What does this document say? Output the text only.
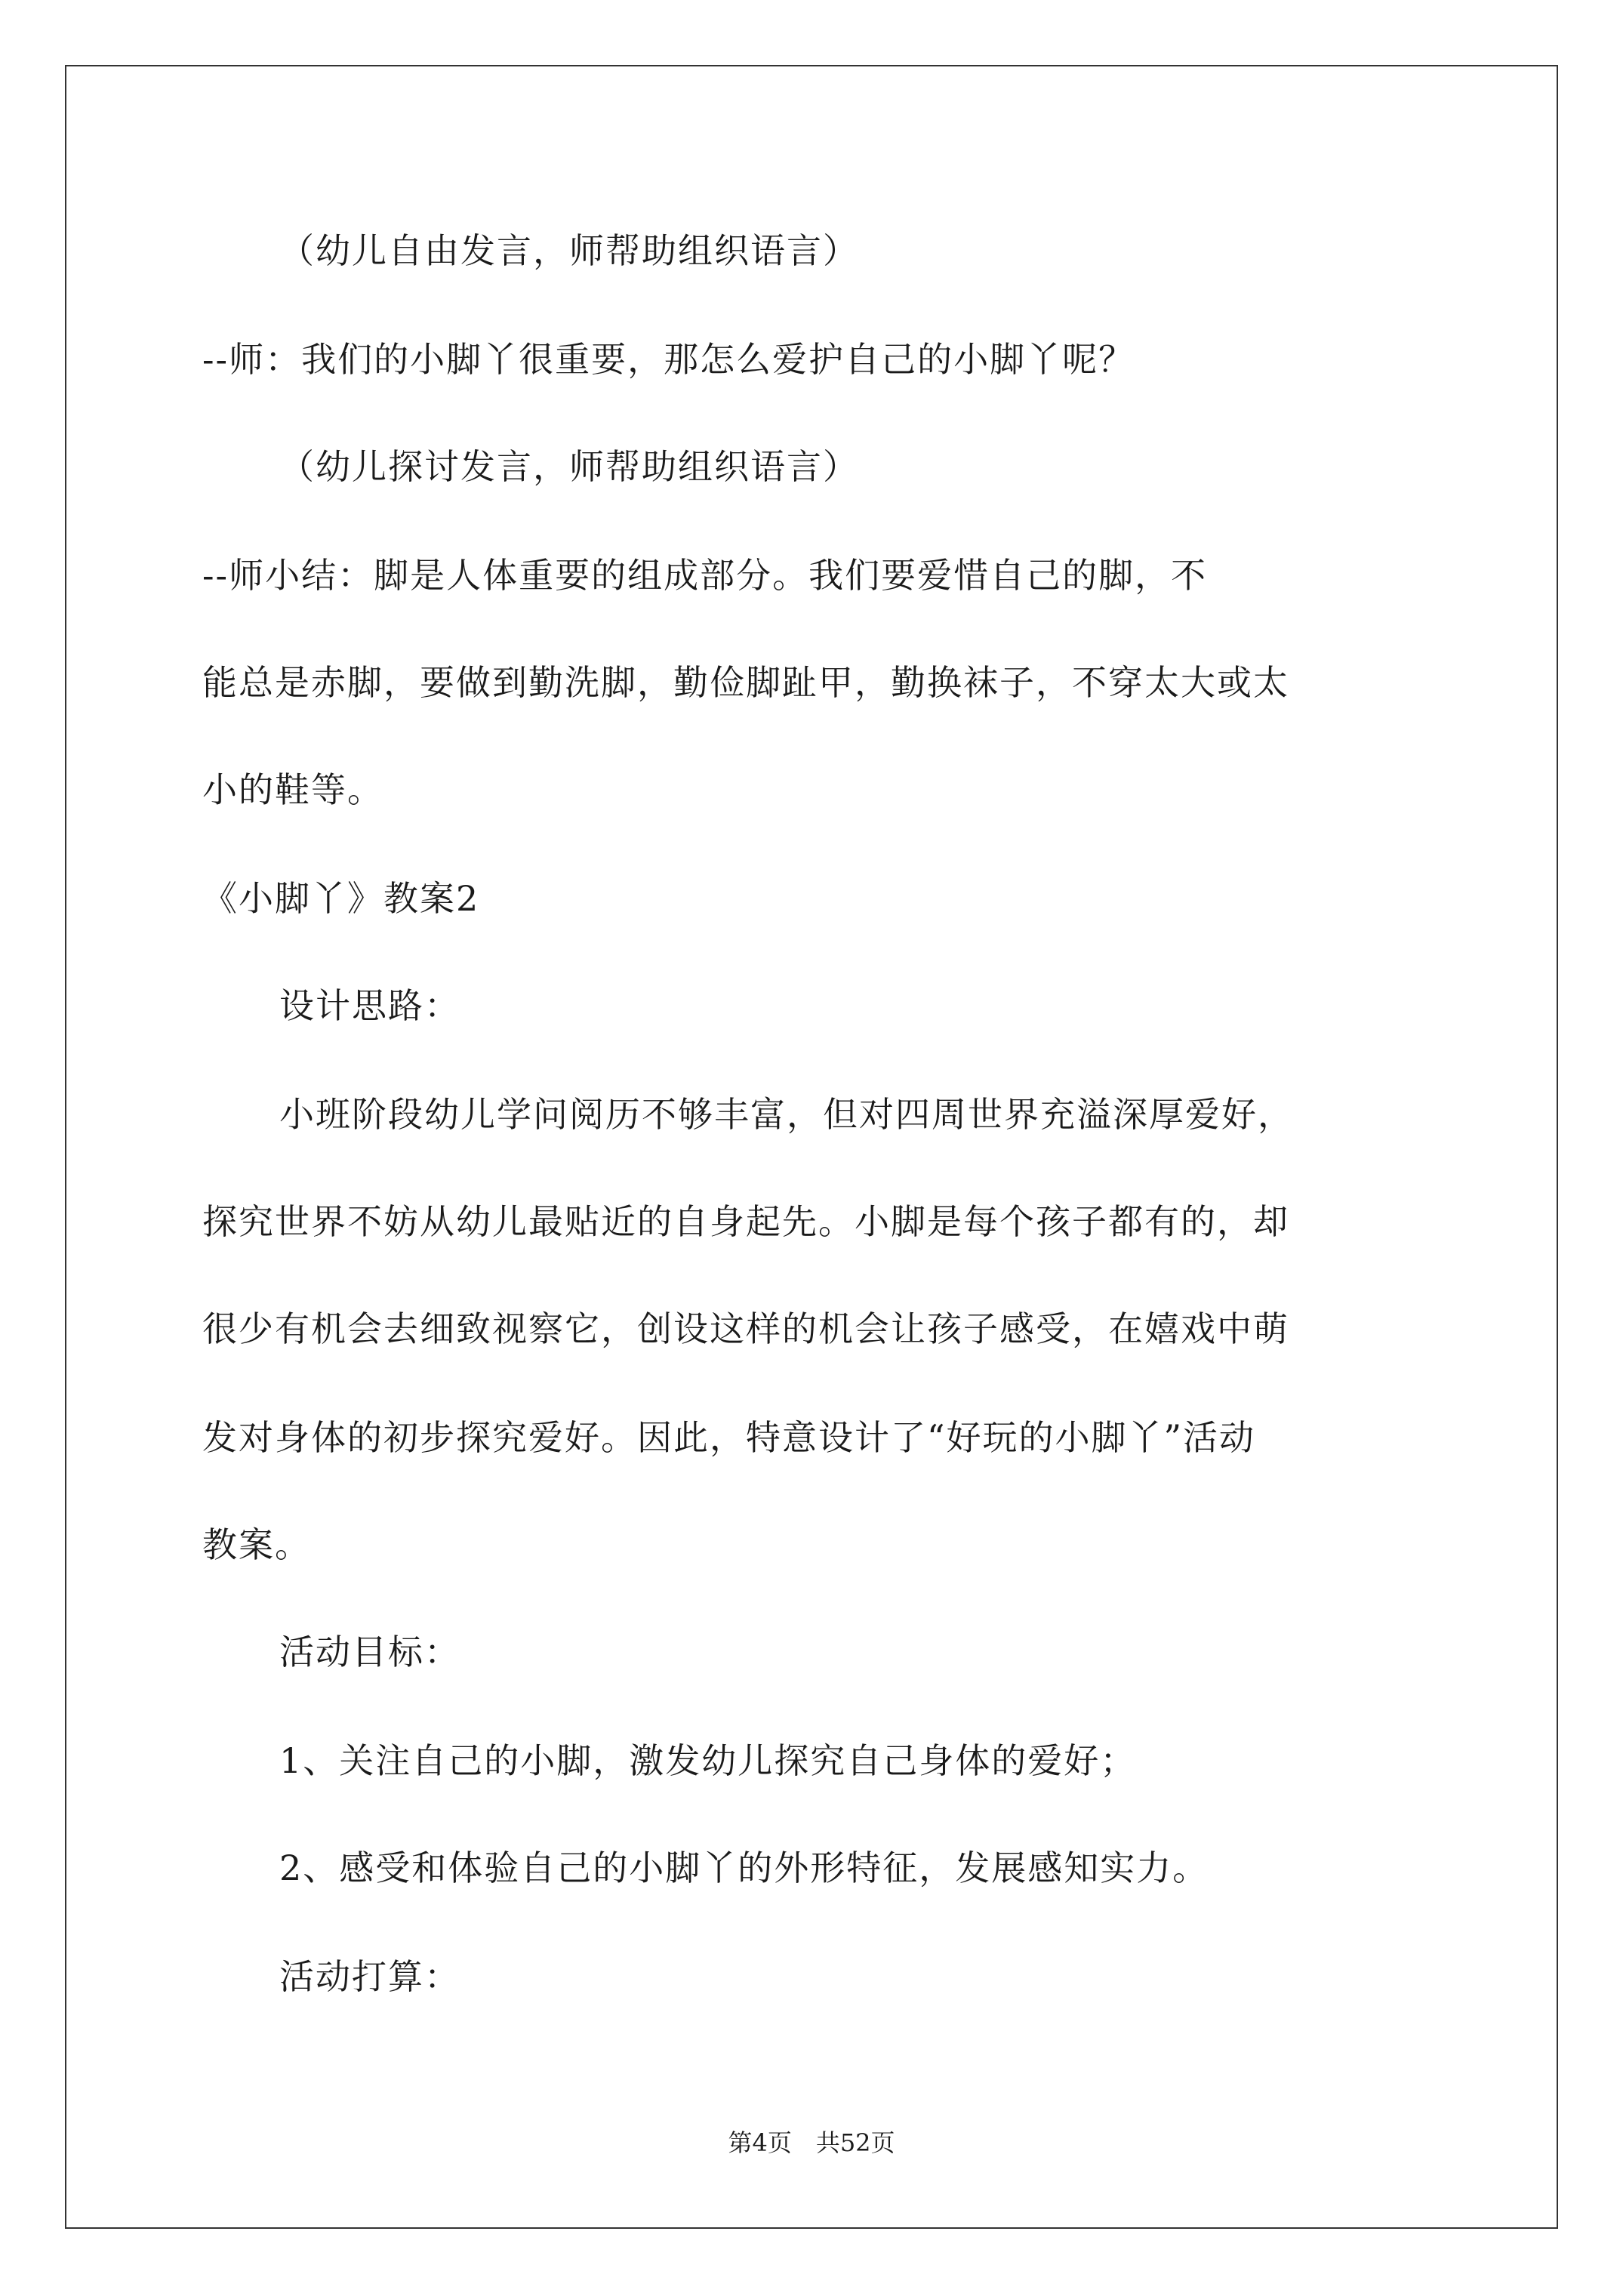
（幼儿自由发言，师帮助组织语言）
--师：我们的小脚丫很重要，那怎么爱护自己的小脚丫呢？
（幼儿探讨发言，师帮助组织语言）
--师小结：脚是人体重要的组成部分。我们要爱惜自己的脚，不
能总是赤脚，要做到勤洗脚，勤俭脚趾甲，勤换袜子，不穿太大或太
小的鞋等。
《小脚丫》教案2
设计思路：
小班阶段幼儿学问阅历不够丰富，但对四周世界充溢深厚爱好，
探究世界不妨从幼儿最贴近的自身起先。小脚是每个孩子都有的，却
很少有机会去细致视察它，创设这样的机会让孩子感受，在嬉戏中萌
发对身体的初步探究爱好。因此，特意设计了“好玩的小脚丫”活动
教案。
活动目标：
1、关注自己的小脚，激发幼儿探究自己身体的爱好；
2、感受和体验自己的小脚丫的外形特征，发展感知实力。
活动打算：
第4页　共52页
